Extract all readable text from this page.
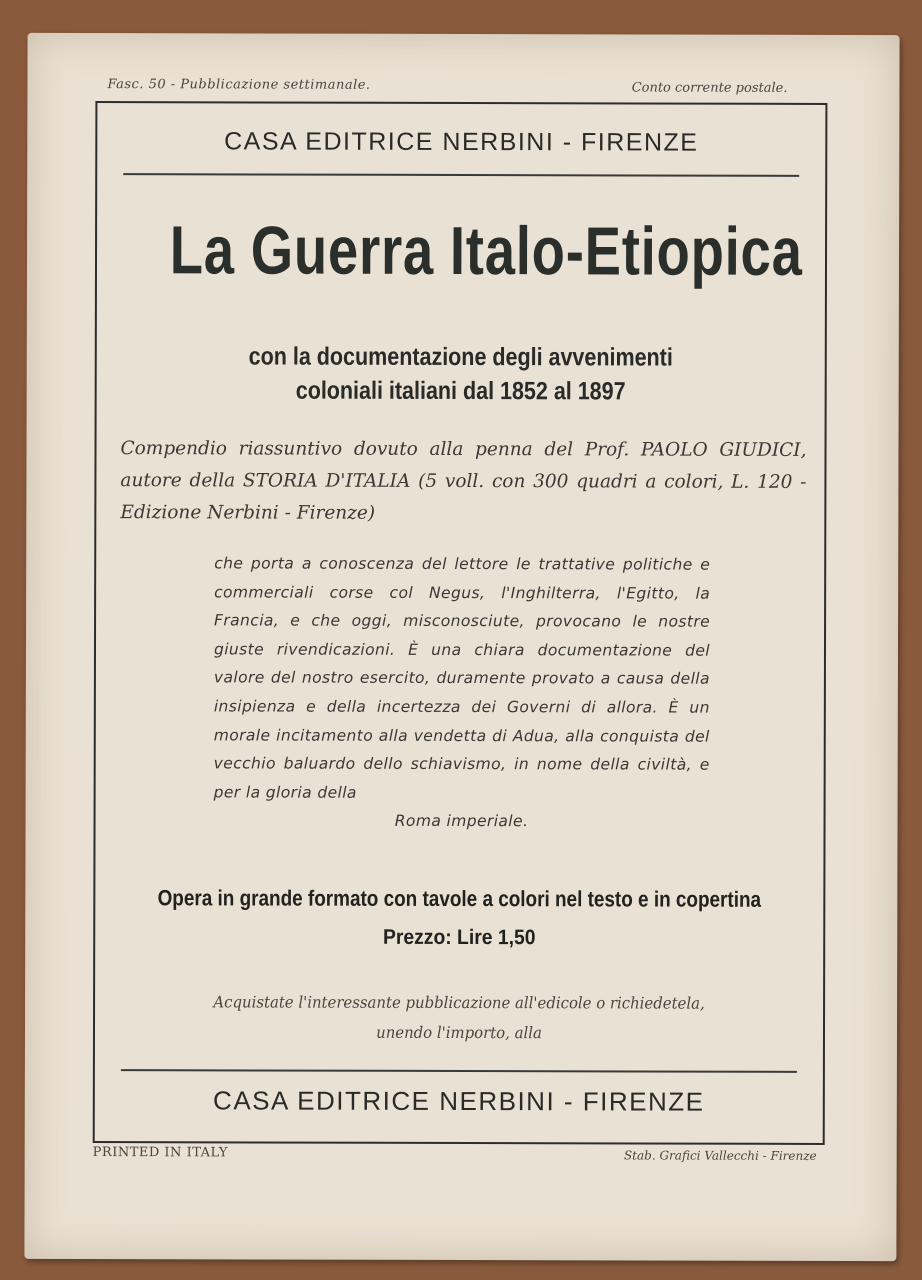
Fasc. 50 - Pubblicazione settimanale.	Conto corrente postale.
CASA EDITRICE NERBINI - FIRENZE
La Guerra Italo-Etiopica
con la documentazione degli avvenimenti
coloniali italiani dal 1852 al 1897
Compendio riassuntivo dovuto alla penna del Prof. PAOLO GIUDICI, autore della STORIA D'ITALIA (5 voll. con 300 quadri a colori, L. 120 - Edizione Nerbini - Firenze)
che porta a conoscenza del lettore le trattative politiche e commerciali corse col Negus, l'Inghilterra, l'Egitto, la Francia, e che oggi, misconosciute, provocano le nostre giuste rivendicazioni. È una chiara documentazione del valore del nostro esercito, duramente provato a causa della insipienza e della incertezza dei Governi di allora. È un morale incitamento alla vendetta di Adua, alla conquista del vecchio baluardo dello schiavismo, in nome della civiltà, e per la gloria della
Roma imperiale.
Opera in grande formato con tavole a colori nel testo e in copertina
Prezzo: Lire 1,50
Acquistate l'interessante pubblicazione all'edicole o richiedetela,
unendo l'importo, alla
CASA EDITRICE NERBINI - FIRENZE
PRINTED IN ITALY	Stab. Grafici Vallecchi - Firenze
